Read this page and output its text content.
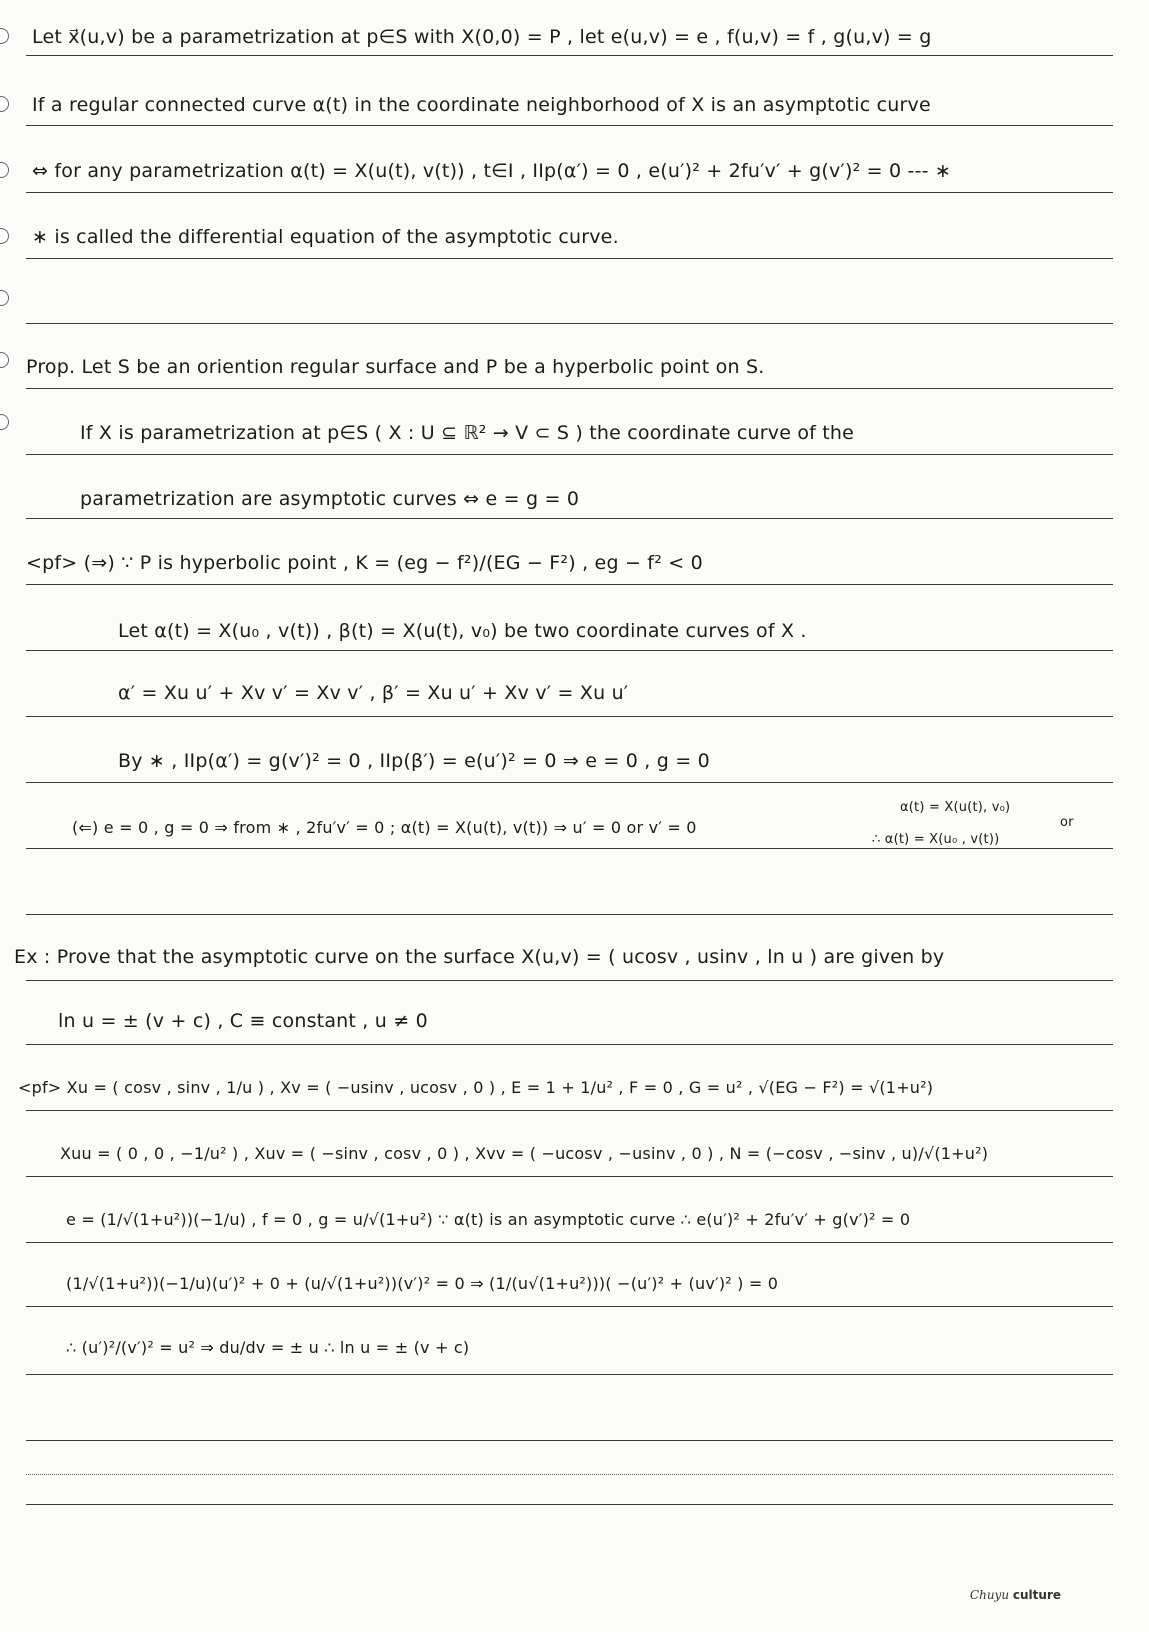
Let x⃗(u,v) be a parametrization at p∈S with X(0,0) = P , let e(u,v) = e , f(u,v) = f , g(u,v) = g
If a regular connected curve α(t) in the coordinate neighborhood of X is an asymptotic curve
⇔ for any parametrization α(t) = X(u(t), v(t)) , t∈I , IIp(α′) = 0 , e(u′)² + 2fu′v′ + g(v′)² = 0 --- ∗
∗ is called the differential equation of the asymptotic curve.
Prop. Let S be an oriention regular surface and P be a hyperbolic point on S.
If X is parametrization at p∈S ( X : U ⊆ ℝ² → V ⊂ S ) the coordinate curve of the
parametrization are asymptotic curves ⇔ e = g = 0
<pf> (⇒) ∵ P is hyperbolic point , K = (eg − f²)/(EG − F²) , eg − f² < 0
Let α(t) = X(u₀ , v(t)) , β(t) = X(u(t), v₀) be two coordinate curves of X .
α′ = Xu u′ + Xv v′ = Xv v′ , β′ = Xu u′ + Xv v′ = Xu u′
By ∗ , IIp(α′) = g(v′)² = 0 , IIp(β′) = e(u′)² = 0 ⇒ e = 0 , g = 0
(⇐) e = 0 , g = 0 ⇒ from ∗ , 2fu′v′ = 0 ; α(t) = X(u(t), v(t)) ⇒ u′ = 0 or v′ = 0
α(t) = X(u(t), v₀)
or
∴ α(t) = X(u₀ , v(t))
Ex : Prove that the asymptotic curve on the surface X(u,v) = ( ucosv , usinv , ln u ) are given by
ln u = ± (v + c) , C ≡ constant , u ≠ 0
<pf> Xu = ( cosv , sinv , 1/u ) , Xv = ( −usinv , ucosv , 0 ) , E = 1 + 1/u² , F = 0 , G = u² , √(EG − F²) = √(1+u²)
Xuu = ( 0 , 0 , −1/u² ) , Xuv = ( −sinv , cosv , 0 ) , Xvv = ( −ucosv , −usinv , 0 ) , N = (−cosv , −sinv , u)/√(1+u²)
e = (1/√(1+u²))(−1/u) , f = 0 , g = u/√(1+u²) ∵ α(t) is an asymptotic curve ∴ e(u′)² + 2fu′v′ + g(v′)² = 0
(1/√(1+u²))(−1/u)(u′)² + 0 + (u/√(1+u²))(v′)² = 0 ⇒ (1/(u√(1+u²)))( −(u′)² + (uv′)² ) = 0
∴ (u′)²/(v′)² = u² ⇒ du/dv = ± u ∴ ln u = ± (v + c)
Chuyu culture
